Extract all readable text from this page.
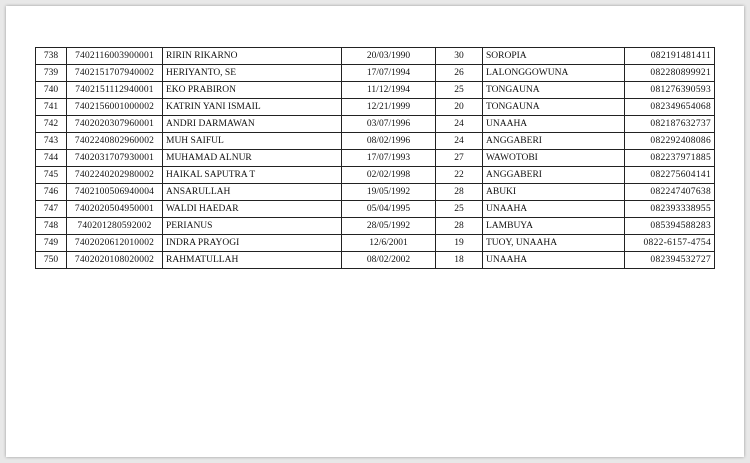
738	7402116003900001	RIRIN RIKARNO	20/03/1990	30	SOROPIA	082191481411
739	7402151707940002	HERIYANTO, SE	17/07/1994	26	LALONGGOWUNA	082280899921
740	7402151112940001	EKO PRABIRON	11/12/1994	25	TONGAUNA	081276390593
741	7402156001000002	KATRIN YANI ISMAIL	12/21/1999	20	TONGAUNA	082349654068
742	7402020307960001	ANDRI DARMAWAN	03/07/1996	24	UNAAHA	082187632737
743	7402240802960002	MUH SAIFUL	08/02/1996	24	ANGGABERI	082292408086
744	7402031707930001	MUHAMAD ALNUR	17/07/1993	27	WAWOTOBI	082237971885
745	7402240202980002	HAIKAL SAPUTRA T	02/02/1998	22	ANGGABERI	082275604141
746	7402100506940004	ANSARULLAH	19/05/1992	28	ABUKI	082247407638
747	7402020504950001	WALDI HAEDAR	05/04/1995	25	UNAAHA	082393338955
748	740201280592002	PERIANUS	28/05/1992	28	LAMBUYA	085394588283
749	7402020612010002	INDRA PRAYOGI	12/6/2001	19	TUOY, UNAAHA	0822-6157-4754
750	7402020108020002	RAHMATULLAH	08/02/2002	18	UNAAHA	082394532727
